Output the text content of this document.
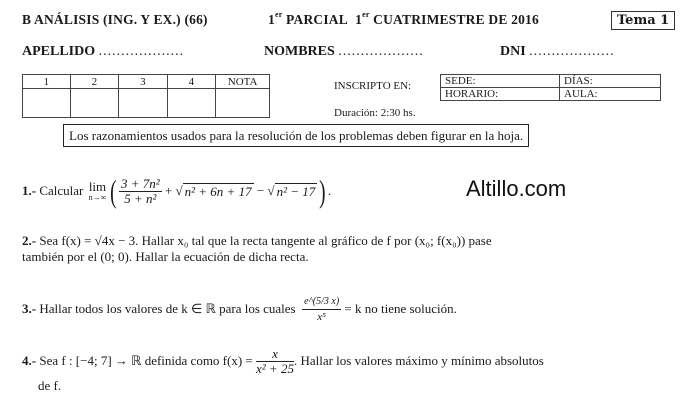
B ANÁLISIS (ING. Y EX.) (66)	1er PARCIAL 1er CUATRIMESTRE DE 2016	Tema 1
APELLIDO ...................	NOMBRES ...................	DNI ...................
1	2	3	4	NOTA
					INSCRIPTO EN:	SEDE:	DÍAS:
HORARIO:	AULA:
Duración: 2:30 hs.
Los razonamientos usados para la resolución de los problemas deben figurar en la hoja.
Altillo.com
1.-
Calcular
lim
n→∞ ( $\frac{\text{3 + 7n²}}{\text{5 + n²}}$ + √ n² + 6n + 17 − √ n² − 17 ) .
2.- Sea f(x) = √4x − 3. Hallar x₀ tal que la recta tangente al gráfico de f por (x₀; f(x₀)) pase
también por el (0; 0). Hallar la ecuación de dicha recta.
3.-
Hallar todos los valores de k ∈ ℝ para los cuales
$\frac{e\^{}(5/3 x)}{\text{x⁵}}$
= k no tiene solución.
4.-
Sea f : [−4; 7] → ℝ definida como f(x) =
$\frac{x}{\text{x² + 25}}$ . Hallar los valores máximo y mínimo absolutos
de f.
